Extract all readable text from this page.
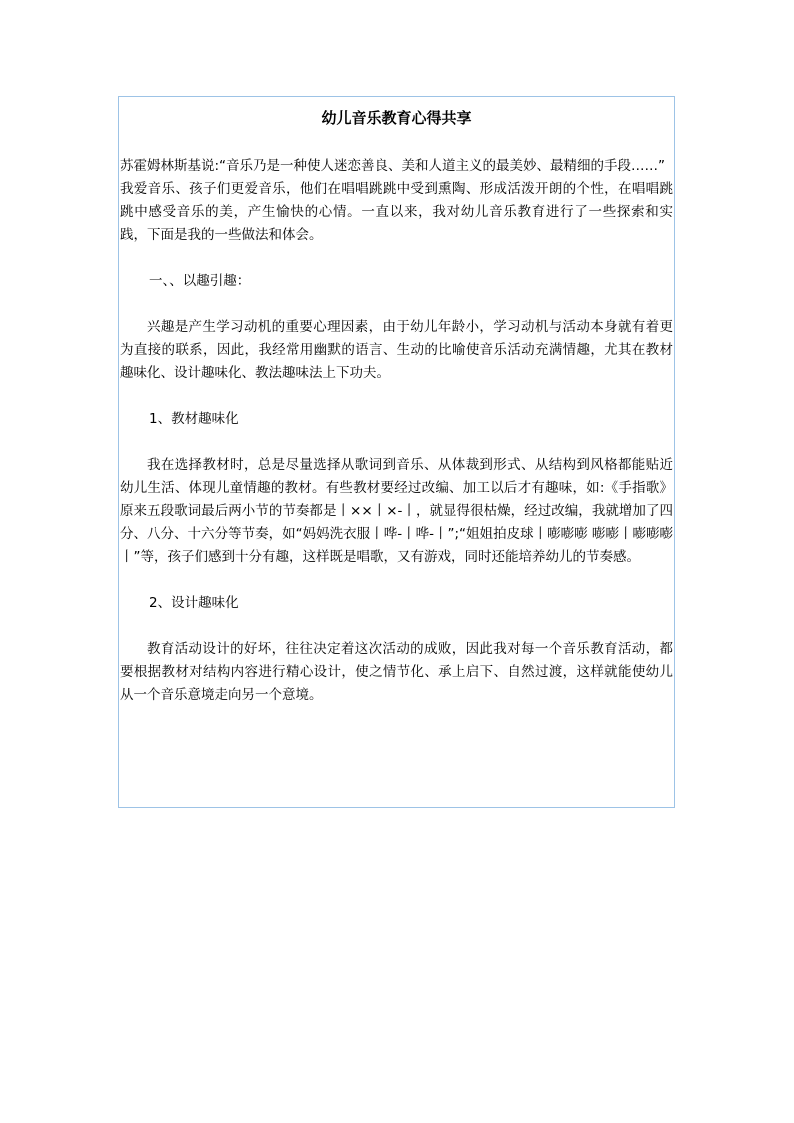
幼儿音乐教育心得共享

苏霍姆林斯基说:“音乐乃是一种使人迷恋善良、美和人道主义的最美妙、最精细的手段……”

我爱音乐、孩子们更爱音乐，他们在唱唱跳跳中受到熏陶、形成活泼开朗的个性，在唱唱跳跳中感受音乐的美，产生愉快的心情。一直以来，我对幼儿音乐教育进行了一些探索和实践，下面是我的一些做法和体会。

一、、以趣引趣：

兴趣是产生学习动机的重要心理因素，由于幼儿年龄小，学习动机与活动本身就有着更为直接的联系，因此，我经常用幽默的语言、生动的比喻使音乐活动充满情趣，尤其在教材趣味化、设计趣味化、教法趣味法上下功夫。

1、教材趣味化

我在选择教材时，总是尽量选择从歌词到音乐、从体裁到形式、从结构到风格都能贴近幼儿生活、体现儿童情趣的教材。有些教材要经过改编、加工以后才有趣味，如:《手指歌》原来五段歌词最后两小节的节奏都是丨××丨×-丨，就显得很枯燥，经过改编，我就增加了四分、八分、十六分等节奏，如“妈妈洗衣服丨哗-丨哗-丨”;“姐姐拍皮球丨嘭嘭嘭 嘭嘭丨嘭嘭嘭丨”等，孩子们感到十分有趣，这样既是唱歌，又有游戏，同时还能培养幼儿的节奏感。

2、设计趣味化

教育活动设计的好坏，往往决定着这次活动的成败，因此我对每一个音乐教育活动，都要根据教材对结构内容进行精心设计，使之情节化、承上启下、自然过渡，这样就能使幼儿从一个音乐意境走向另一个意境。
